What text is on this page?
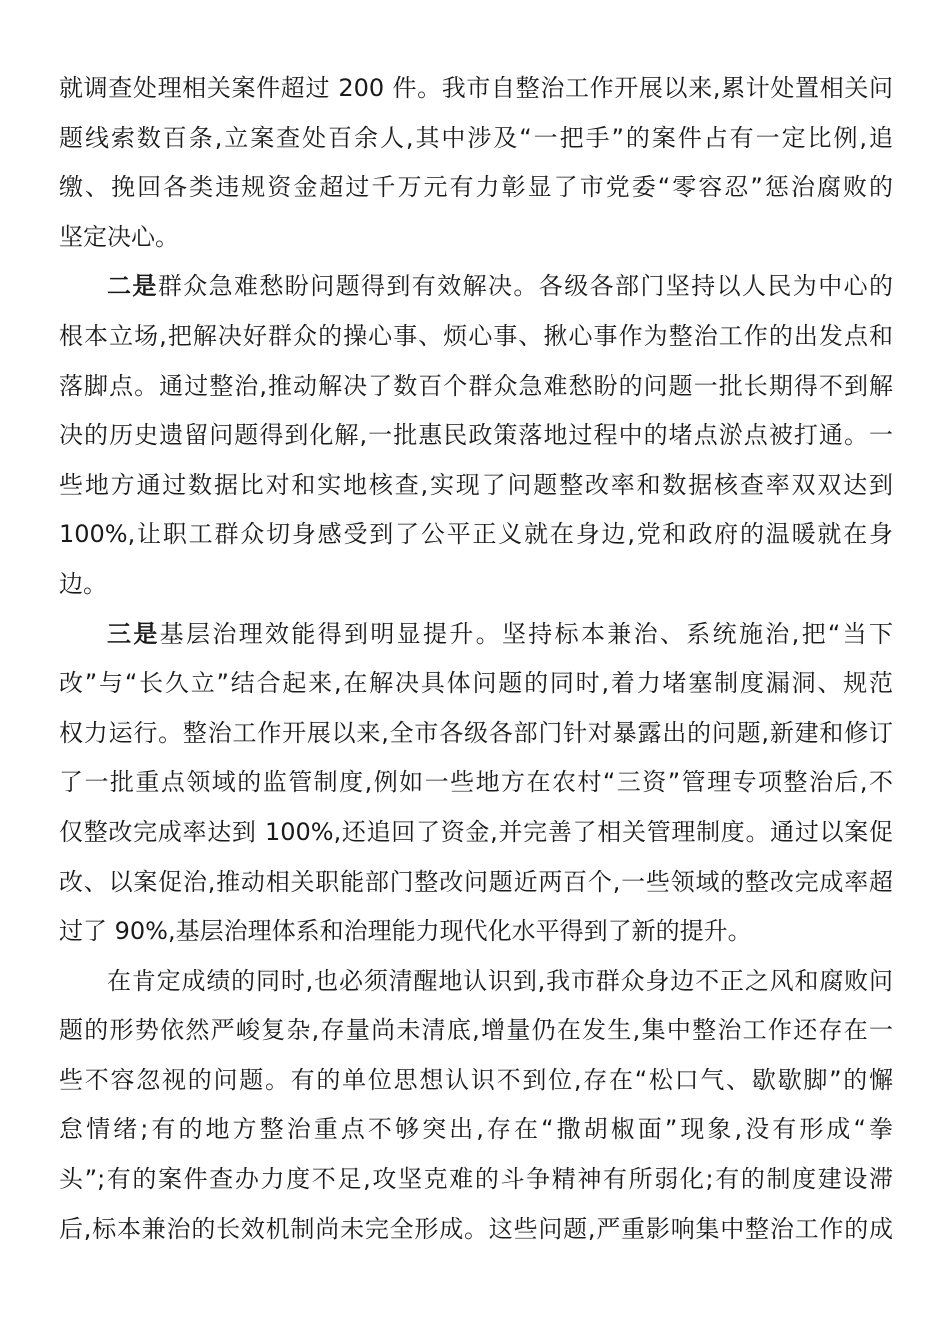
就调查处理相关案件超过 200 件。我市自整治工作开展以来,累计处置相关问
题线索数百条,立案查处百余人,其中涉及“一把手”的案件占有一定比例,追
缴、挽回各类违规资金超过千万元有力彰显了市党委“零容忍”惩治腐败的
坚定决心。
二是群众急难愁盼问题得到有效解决。各级各部门坚持以人民为中心的
根本立场,把解决好群众的操心事、烦心事、揪心事作为整治工作的出发点和
落脚点。通过整治,推动解决了数百个群众急难愁盼的问题一批长期得不到解
决的历史遗留问题得到化解,一批惠民政策落地过程中的堵点淤点被打通。一
些地方通过数据比对和实地核查,实现了问题整改率和数据核查率双双达到
100%,让职工群众切身感受到了公平正义就在身边,党和政府的温暖就在身
边。
三是基层治理效能得到明显提升。坚持标本兼治、系统施治,把“当下
改”与“长久立”结合起来,在解决具体问题的同时,着力堵塞制度漏洞、规范
权力运行。整治工作开展以来,全市各级各部门针对暴露出的问题,新建和修订
了一批重点领域的监管制度,例如一些地方在农村“三资”管理专项整治后,不
仅整改完成率达到 100%,还追回了资金,并完善了相关管理制度。通过以案促
改、以案促治,推动相关职能部门整改问题近两百个,一些领域的整改完成率超
过了 90%,基层治理体系和治理能力现代化水平得到了新的提升。
在肯定成绩的同时,也必须清醒地认识到,我市群众身边不正之风和腐败问
题的形势依然严峻复杂,存量尚未清底,增量仍在发生,集中整治工作还存在一
些不容忽视的问题。有的单位思想认识不到位,存在“松口气、歇歇脚”的懈
怠情绪;有的地方整治重点不够突出,存在“撒胡椒面”现象,没有形成“拳
头”;有的案件查办力度不足,攻坚克难的斗争精神有所弱化;有的制度建设滞
后,标本兼治的长效机制尚未完全形成。这些问题,严重影响集中整治工作的成
